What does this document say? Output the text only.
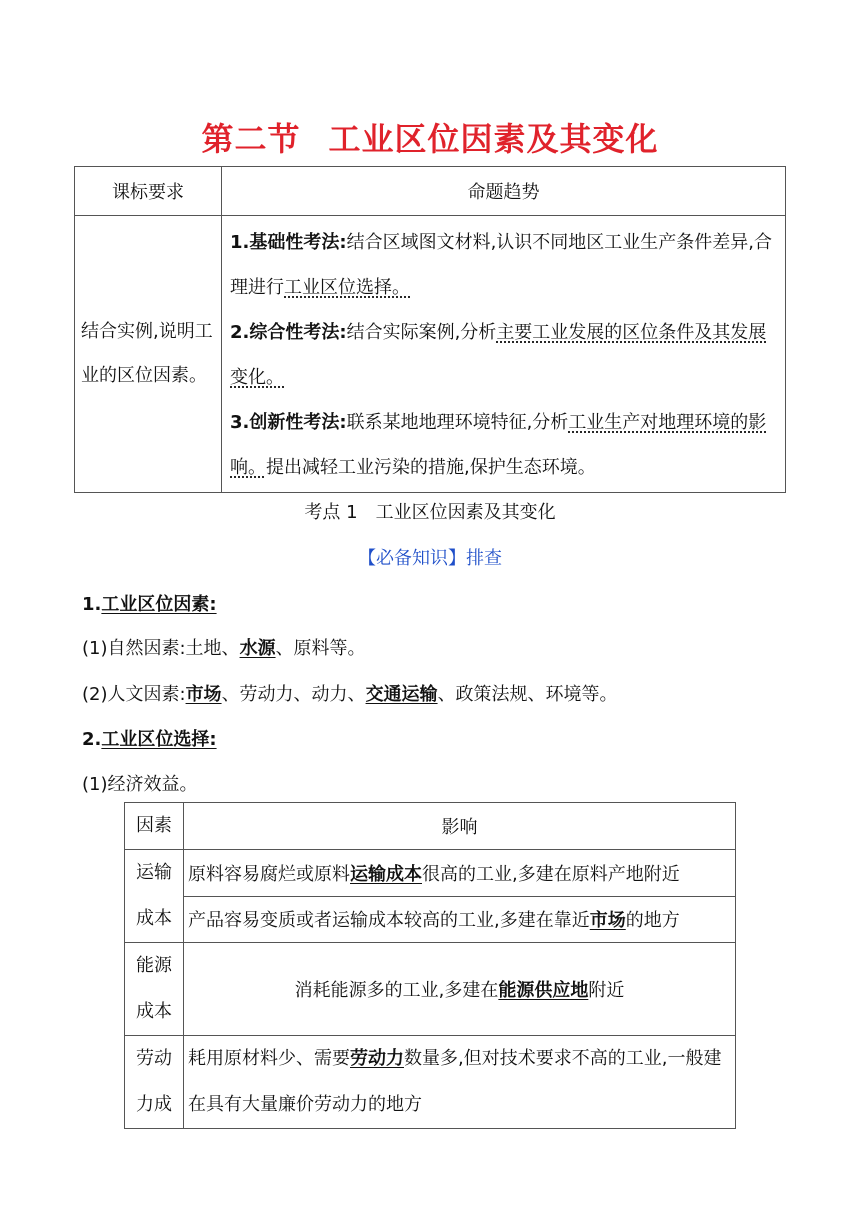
第二节 工业区位因素及其变化
课标要求	命题趋势
结合实例,说明工业的区位因素。	1.基础性考法:结合区域图文材料,认识不同地区工业生产条件差异,合理进行工业区位选择。
2.综合性考法:结合实际案例,分析主要工业发展的区位条件及其发展变化。
3.创新性考法:联系某地地理环境特征,分析工业生产对地理环境的影响。提出减轻工业污染的措施,保护生态环境。
考点 1 工业区位因素及其变化
【必备知识】排查
1.工业区位因素:
(1)自然因素:土地、水源、原料等。
(2)人文因素:市场、劳动力、动力、交通运输、政策法规、环境等。
2.工业区位选择:
(1)经济效益。
因素	影响
运输成本	原料容易腐烂或原料运输成本很高的工业,多建在原料产地附近
	产品容易变质或者运输成本较高的工业,多建在靠近市场的地方
能源成本	消耗能源多的工业,多建在能源供应地附近
劳动力成	耗用原材料少、需要劳动力数量多,但对技术要求不高的工业,一般建在具有大量廉价劳动力的地方
